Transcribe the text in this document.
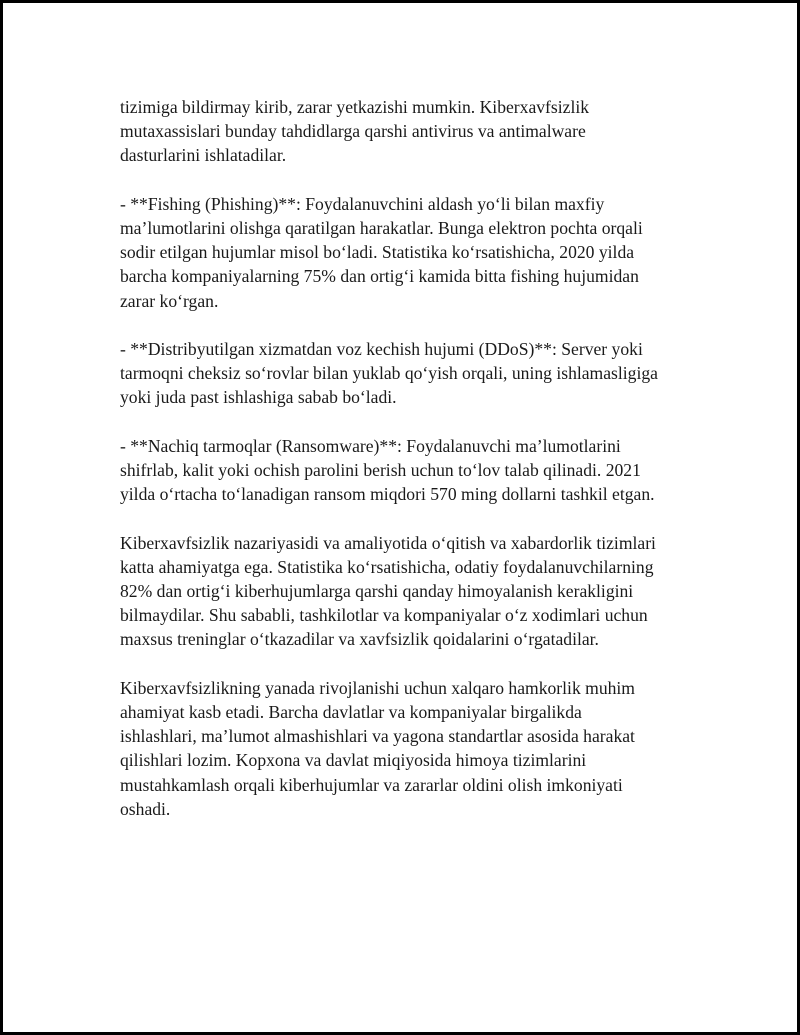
tizimiga bildirmay kirib, zarar yetkazishi mumkin. Kiberxavfsizlik
mutaxassislari bunday tahdidlarga qarshi antivirus va antimalware
dasturlarini ishlatadilar.

- **Fishing (Phishing)**: Foydalanuvchini aldash yo‘li bilan maxfiy
ma’lumotlarini olishga qaratilgan harakatlar. Bunga elektron pochta orqali
sodir etilgan hujumlar misol bo‘ladi. Statistika ko‘rsatishicha, 2020 yilda
barcha kompaniyalarning 75% dan ortig‘i kamida bitta fishing hujumidan
zarar ko‘rgan.

- **Distribyutilgan xizmatdan voz kechish hujumi (DDoS)**: Server yoki
tarmoqni cheksiz so‘rovlar bilan yuklab qo‘yish orqali, uning ishlamasligiga
yoki juda past ishlashiga sabab bo‘ladi.

- **Nachiq tarmoqlar (Ransomware)**: Foydalanuvchi ma’lumotlarini
shifrlab, kalit yoki ochish parolini berish uchun to‘lov talab qilinadi. 2021
yilda o‘rtacha to‘lanadigan ransom miqdori 570 ming dollarni tashkil etgan.

Kiberxavfsizlik nazariyasidi va amaliyotida o‘qitish va xabardorlik tizimlari
katta ahamiyatga ega. Statistika ko‘rsatishicha, odatiy foydalanuvchilarning
82% dan ortig‘i kiberhujumlarga qarshi qanday himoyalanish kerakligini
bilmaydilar. Shu sababli, tashkilotlar va kompaniyalar o‘z xodimlari uchun
maxsus treninglar o‘tkazadilar va xavfsizlik qoidalarini o‘rgatadilar.

Kiberxavfsizlikning yanada rivojlanishi uchun xalqaro hamkorlik muhim
ahamiyat kasb etadi. Barcha davlatlar va kompaniyalar birgalikda
ishlashlari, ma’lumot almashishlari va yagona standartlar asosida harakat
qilishlari lozim. Kopxona va davlat miqiyosida himoya tizimlarini
mustahkamlash orqali kiberhujumlar va zararlar oldini olish imkoniyati
oshadi.
